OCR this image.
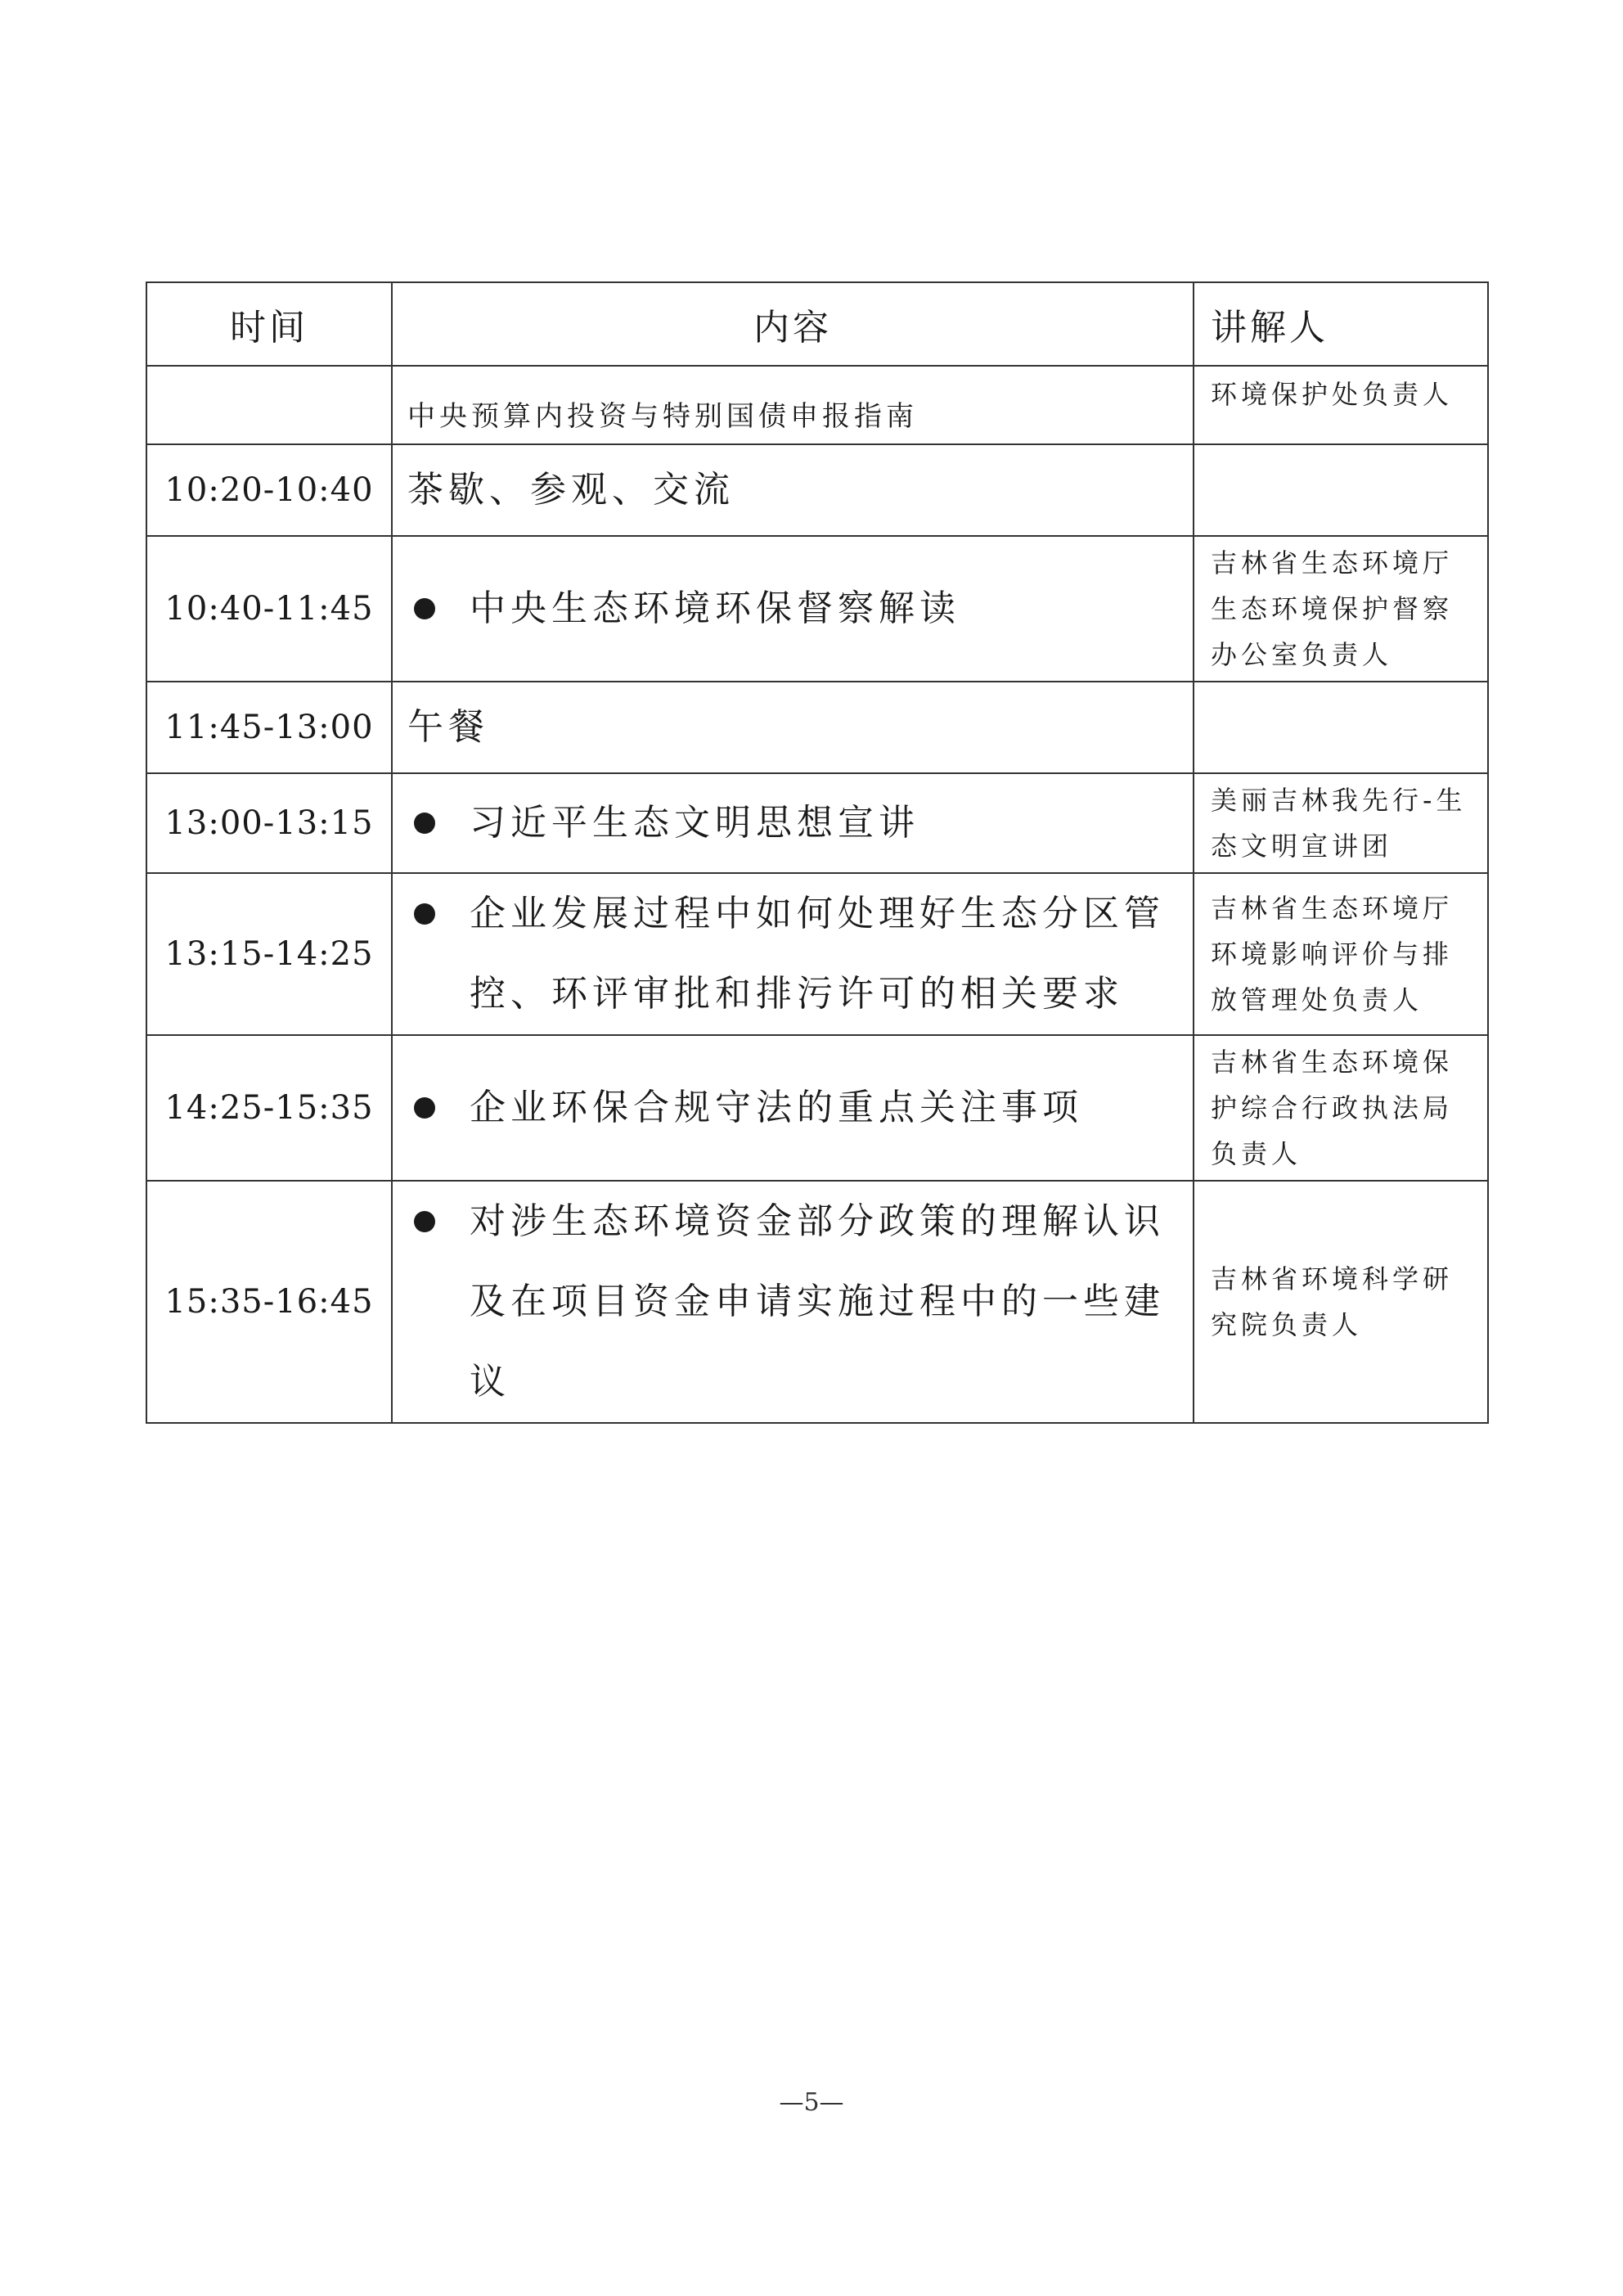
时间	内容	讲解人
	中央预算内投资与特别国债申报指南	环境保护处负责人
10:20-10:40	茶歇、参观、交流	
10:40-11:45	中央生态环境环保督察解读	吉林省生态环境厅生态环境保护督察办公室负责人
11:45-13:00	午餐	
13:00-13:15	习近平生态文明思想宣讲	美丽吉林我先行-生态文明宣讲团
13:15-14:25	企业发展过程中如何处理好生态分区管控、环评审批和排污许可的相关要求	吉林省生态环境厅环境影响评价与排放管理处负责人
14:25-15:35	企业环保合规守法的重点关注事项	吉林省生态环境保护综合行政执法局负责人
15:35-16:45	对涉生态环境资金部分政策的理解认识及在项目资金申请实施过程中的一些建议	吉林省环境科学研究院负责人
—5—
